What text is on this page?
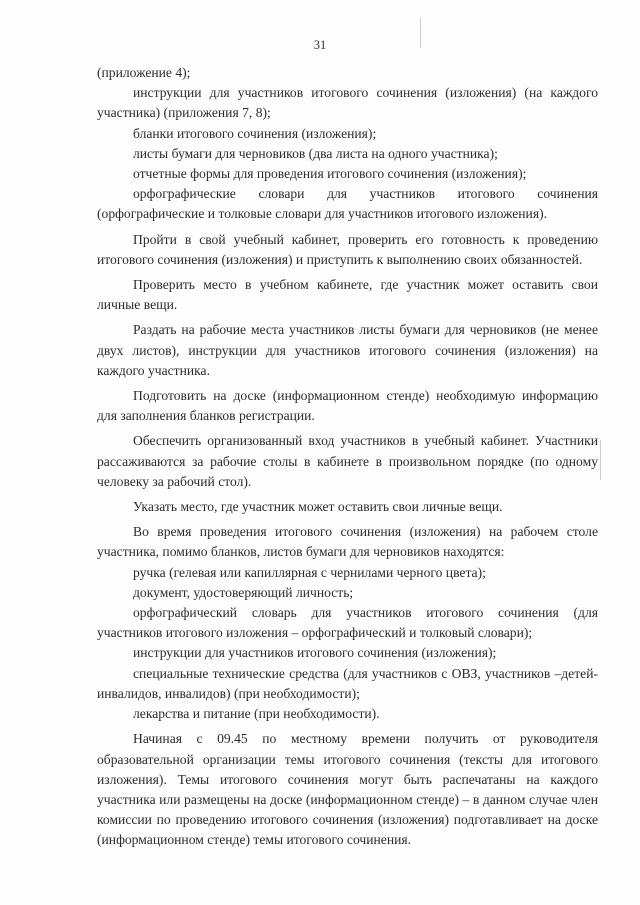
31

(приложение 4);

инструкции для участников итогового сочинения (изложения) (на каждого участника) (приложения 7, 8);

бланки итогового сочинения (изложения);

листы бумаги для черновиков (два листа на одного участника);

отчетные формы для проведения итогового сочинения (изложения);

орфографические словари для участников итогового сочинения (орфографические и толковые словари для участников итогового изложения).

Пройти в свой учебный кабинет, проверить его готовность к проведению итогового сочинения (изложения) и приступить к выполнению своих обязанностей.

Проверить место в учебном кабинете, где участник может оставить свои личные вещи.

Раздать на рабочие места участников листы бумаги для черновиков (не менее двух листов), инструкции для участников итогового сочинения (изложения) на каждого участника.

Подготовить на доске (информационном стенде) необходимую информацию для заполнения бланков регистрации.

Обеспечить организованный вход участников в учебный кабинет. Участники рассаживаются за рабочие столы в кабинете в произвольном порядке (по одному человеку за рабочий стол).

Указать место, где участник может оставить свои личные вещи.

Во время проведения итогового сочинения (изложения) на рабочем столе участника, помимо бланков, листов бумаги для черновиков находятся:

ручка (гелевая или капиллярная с чернилами черного цвета);

документ, удостоверяющий личность;

орфографический словарь для участников итогового сочинения (для участников итогового изложения – орфографический и толковый словари);

инструкции для участников итогового сочинения (изложения);

специальные технические средства (для участников с ОВЗ, участников –детей-инвалидов, инвалидов) (при необходимости);

лекарства и питание (при необходимости).

Начиная с 09.45 по местному времени получить от руководителя образовательной организации темы итогового сочинения (тексты для итогового изложения). Темы итогового сочинения могут быть распечатаны на каждого участника или размещены на доске (информационном стенде) – в данном случае член комиссии по проведению итогового сочинения (изложения) подготавливает на доске (информационном стенде) темы итогового сочинения.
